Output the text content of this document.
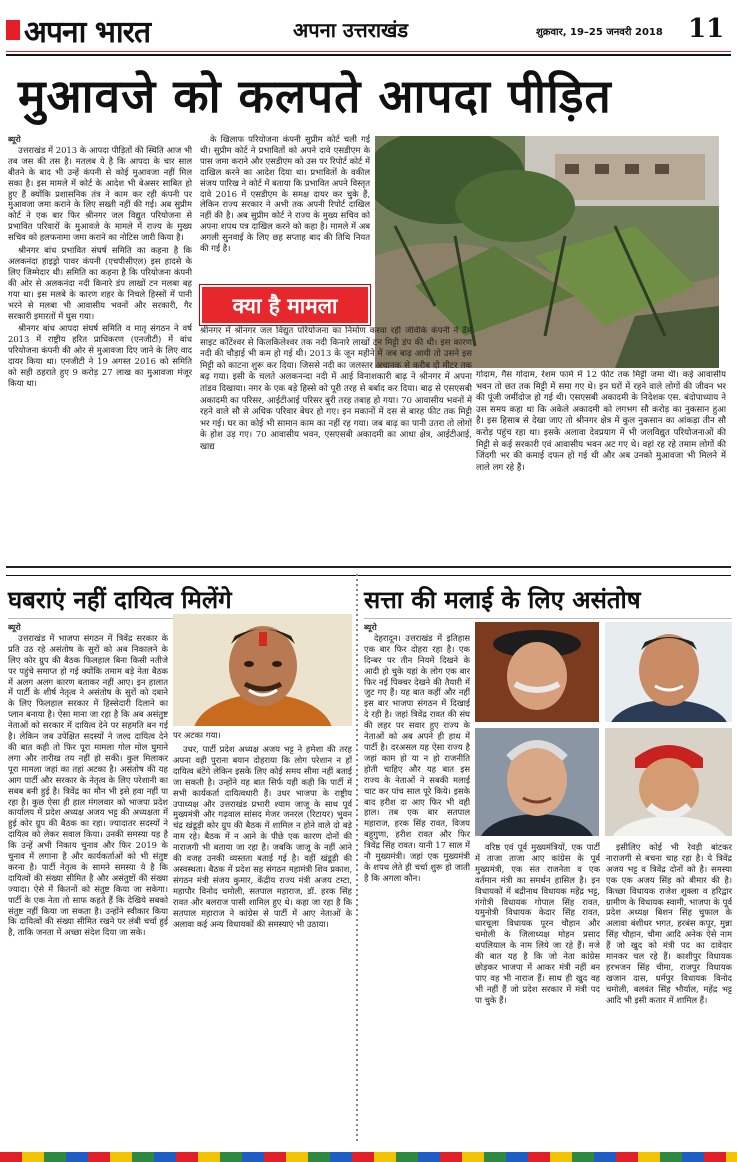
अपना भारत	अपना उत्तराखंड	शुक्रवार, 19–25 जनवरी 2018 11
मुआवजे को कलपते आपदा पीड़ित
ब्यूरो

उत्तराखंड में 2013 के आपदा पीड़ितों की स्थिति आज भी तब जस की तस है। मतलब ये है कि आपदा के चार साल बीतने के बाद भी उन्हें कंपनी से कोई मुआवजा नहीं मिल सका है। इस मामले में कोर्ट के आदेश भी बेअसर साबित हो हुए हैं क्योंकि प्रशासनिक तंत्र ने काम कर रही कंपनी पर मुआवजा जमा कराने के लिए सख्ती नहीं की गई। अब सुप्रीम कोर्ट ने एक बार फिर श्रीनगर जल विद्युत परियोजना से प्रभावित परिवारों के मुआवजे के मामले में राज्य के मुख्य सचिव को हलफनामा जमा कराने का नोटिस जारी किया है।

श्रीनगर बांध प्रभावित संघर्ष समिति का कहना है कि अलकनंदा हाइड्रो पावर कंपनी (एचपीसीएल) इस हादसे के लिए जिम्मेदार थी। समिति का कहना है कि परियोजना कंपनी की ओर से अलकनंदा नदी किनारे डंप लाखों टन मलबा बह गया था। इस मलबे के कारण शहर के निचले हिस्सों में पानी भरने से मलबा भी आवासीय भवनों और सरकारी, गैर सरकारी इमारतों में घुस गया।

श्रीनगर बांध आपदा संघर्ष समिति व मातृ संगठन ने वर्ष 2013 में राष्ट्रीय हरित प्राधिकरण (एनजीटी) में बांध परियोजना कंपनी की ओर से मुआवजा दिए जाने के लिए वाद दायर किया था। एनजीटी ने 19 अगस्त 2016 को समिति को सही ठहराते हुए 9 करोड़ 27 लाख का मुआवजा मंजूर किया था।

के खिलाफ परियोजना कंपनी सुप्रीम कोर्ट चली गई थी। सुप्रीम कोर्ट ने प्रभावितों को अपने दावे एसडीएम के पास जमा कराने और एसडीएम को उस पर रिपोर्ट कोर्ट में दाखिल करने का आदेश दिया था। प्रभावितों के वकील संजय पारिख ने कोर्ट में बताया कि प्रभावित अपने विस्तृत दावे 2016 में एसडीएम के समक्ष दायर कर चुके हैं, लेकिन राज्य सरकार ने अभी तक अपनी रिपोर्ट दाखिल नहीं की है। अब सुप्रीम कोर्ट ने राज्य के मुख्य सचिव को अपना शपथ पत्र दाखिल करने को कहा है। मामले में अब अगली सुनवाई के लिए छह सप्ताह बाद की तिथि नियत की गई है।

क्या है मामला
श्रीनगर में श्रीनगर जल विद्युत परियोजना का निर्माण करवा रही जीवीके कंपनी ने डैम साइट कॉटेंश्वर से किलकिलेश्वर तक नदी किनारे लाखों टन मिट्टी डंप की थी। इस कारण नदी की चौड़ाई भी कम हो गई थी। 2013 के जून महीने में जब बाढ़ आयी तो उसने इस मिट्टी को काटना शुरू कर दिया। जिससे नदी का जलस्तर अचानक से करीब दो मीटर तक बढ़ गया। इसी के चलते अलकनन्दा नदी में आई विनाशकारी बाढ़ ने श्रीनगर में अपना तांडव दिखाया। नगर के एक बड़े हिस्से को पूरी तरह से बर्बाद कर दिया। बाढ़ से एसएसबी अकादमी का परिसर, आईटीआई परिसर बुरी तरह तबाह हो गया। 70 आवासीय भवनों में रहने वाले सौ से अधिक परिवार बेघर हो गए। इन मकानों में दस से बारह फीट तक मिट्टी भर गई। घर का कोई भी सामान काम का नहीं रह गया। जब बाढ़ का पानी उतरा तो लोगों के होश उड़ गए। 70 आवासीय भवन, एसएसबी अकादमी का आधा क्षेत्र, आईटीआई, खाद्य

गोदाम, गैस गोदाम, रेशम फार्म में 12 फीट तक मिट्टी जमा थी। कई आवासीय भवन तो छत तक मिट्टी में समा गए थे। इन घरों में रहने वाले लोगों की जीवन भर की पूंजी जमींदोज हो गई थी। एसएसबी अकादमी के निदेशक एस. बंदोपाध्याय ने उस समय कहा था कि अकेले अकादमी को लगभग सौ करोड़ का नुकसान हुआ है। इस हिसाब से देखा जाए तो श्रीनगर क्षेत्र में कुल नुकसान का आंकड़ा तीन सौ करोड़ पहुंच रहा था। इसके अलावा देवप्रयाग में भी जलविद्युत परियोजनाओं की मिट्टी से कई सरकारी एवं आवासीय भवन अट गए थे। वहां रह रहे तमाम लोगों की जिंदगी भर की कमाई दफन हो गई थी और अब उनको मुआवजा भी मिलने में लाले लग रहे हैं।

घबराएं नहीं दायित्व मिलेंगे
ब्यूरो

उत्तराखंड में भाजपा संगठन में त्रिवेंद्र सरकार के प्रति उठ रहे असंतोष के सुरों को अब निकालने के लिए कोर ग्रुप की बैठक फिलहाल बिना किसी नतीजे पर पहुंचे समाप्त हो गई क्योंकि तमाम बड़े नेता बैठक में अलग अलग कारण बताकर नहीं आए। इन हालात में पार्टी के शीर्ष नेतृत्व ने असंतोष के सुरों को दबाने के लिए फिलहाल सरकार में हिस्सेदारी दिलाने का प्लान बनाया है। ऐसा माना जा रहा है कि अब असंतुष्ट नेताओं को सरकार में दायित्व देने पर सहमति बन गई है। लेकिन जब उपेक्षित सदस्यों ने जल्द दायित्व देने की बात कही तो फिर पूरा मामला गोल मोल घुमाने लगा और तारीख तय नहीं हो सकी। कुल मिलाकर पूरा मामला जहां का तहां अटका है। असंतोष की यह आग पार्टी और सरकार के नेतृत्व के लिए परेशानी का सबब बनी हुई है। त्रिवेंद्र का मौन भी इसे हवा नहीं पा रहा है। कुछ ऐसा ही हाल मंगलवार को भाजपा प्रदेश कार्यालय में प्रदेश अध्यक्ष अजय भट्ट की अध्यक्षता में हुई कोर ग्रुप की बैठक का रहा। ज्यादातर सदस्यों ने दायित्व को लेकर सवाल किया। उनकी समस्या यह है कि उन्हें अभी निकाय चुनाव और फिर 2019 के चुनाव में लगाना है और कार्यकर्ताओं को भी संतुष्ट करना है। पार्टी नेतृत्व के सामने समस्या ये है कि दायित्वों की संख्या सीमित है और असंतुष्टों की संख्या ज्यादा। ऐसे में कितनों को संतुष्ट किया जा सकेगा। पार्टी के एक नेता तो साफ कहते हैं कि देखिये सबको संतुष्ट नहीं किया जा सकता है। उन्होंने स्वीकार किया कि दायित्वों की संख्या सीमित रखने पर लंबी चर्चा हुई है, ताकि जनता में अच्छा संदेश दिया जा सके।

पर अटका गया।

उधर, पार्टी प्रदेश अध्यक्ष अजय भट्ट ने हमेशा की तरह अपना वही पुराना बयान दोहराया कि लोग परेशान न हों दायित्व बंटेंगे लेकिन इसके लिए कोई समय सीमा नहीं बताई जा सकती है। उन्होंने यह बात सिर्फ यही कही कि पार्टी में सभी कार्यकर्ता दायित्वधारी हैं। उधर भाजपा के राष्ट्रीय उपाध्यक्ष और उत्तराखंड प्रभारी श्याम जाजू के साथ पूर्व मुख्यमंत्री और गढ़वाल सांसद मेजर जनरल (रिटायर) भुवन चंद्र खंडूड़ी कोर ग्रुप की बैठक में शामिल न होने वाले दो बड़े नाम रहे। बैठक में न आने के पीछे एक कारण दोनों की नाराजगी भी बताया जा रहा है। जबकि जाजू के नहीं आने की वजह उनकी व्यस्तता बताई गई है। वहीं खंडूड़ी की अस्वस्थता। बैठक में प्रदेश सह संगठन महामंत्री शिव प्रकाश, संगठन मंत्री संजय कुमार, केंद्रीय राज्य मंत्री अजय टम्टा, महापौर विनोद चमोली, सतपाल महाराज, डॉ. हरक सिंह रावत और बलराज पासी शामिल हुए थे। कहा जा रहा है कि सतपाल महाराज ने कांग्रेस से पार्टी में आए नेताओं के अलावा कई अन्य विधायकों की समस्याएं भी उठाया।

सत्ता की मलाई के लिए असंतोष
ब्यूरो

देहरादून। उत्तराखंड में इतिहास एक बार फिर दोहरा रहा है। एक दिन्बर पर तीन नियमें दिखने के आदी हो चुके यहां के लोग एक बार फिर नई पिक्चर देखने की तैयारी में जुट गए हैं। यह बात कहीं और नहीं इस बार भाजपा संगठन में दिखाई दे रही है। जहां त्रिवेंद्र रावत की संघ की लहर पर सवार हुए राज्य के नेताओं को अब अपने ही हाथ में पार्टी है। दरअसल यह ऐसा राज्य है जहां काम हो या न हो राजनीति होती चाहिए और यह बात इस राज्य के नेताओं ने सबकी मलाई चाट कर पांच साल पूरे किये। इसके बाद हरीश दा आए फिर भी वही हाल। तब एक बार सतपाल महाराज, हरक सिंह रावत, विजय बहुगुणा, हरीश रावत और फिर त्रिवेंद्र सिंह रावत। यानी 17 साल में नौ मुख्यमंत्री। जहां एक मुख्यमंत्री के शपथ लेते ही चर्चा शुरू हो जाती है कि अगला कौन।

वरिष्ठ एवं पूर्व मुख्यमंत्रियों, एक पार्टी में ताजा ताजा आए कांग्रेस के पूर्व मुख्यमंत्री, एक संत राजनेता व एक वर्तमान मंत्री का समर्थन हासिल है। इन विधायकों में बद्रीनाथ विधायक महेंद्र भट्ट, गंगोत्री विधायक गोपाल सिंह रावत, यमुनोत्री विधायक केदार सिंह रावत, धारचूला विधायक पूरन चौहान और चमोली के जिलाध्यक्ष मोहन प्रसाद थपलियाल के नाम लिये जा रहे हैं। मजे की बात यह है कि जो नेता कांग्रेस छोड़कर भाजपा में आकर मंत्री नहीं बन पाए वह भी नाराज हैं। साथ ही खुद वह भी नहीं हैं जो प्रदेश सरकार में मंत्री पद पा चुके हैं।

इसीलिए कोई भी रेवड़ी बांटकर नाराजगी से बचना चाह रहा है। ये त्रिवेंद्र अजय भट्ट व त्रिवेंद्र दोनों को है। समस्या एक एक अजय सिंह को बीमार की है। किच्छा विधायक राजेश शुक्ला व हरिद्वार ग्रामीण के विधायक स्वामी, भाजपा के पूर्व प्रदेश अध्यक्ष बिशन सिंह चुफाल के अलावा बंशीधर भगत, हरबंस कपूर, मुन्ना सिंह चौहान, चौमा आदि अनेक ऐसे नाम हैं जो खुद को मंत्री पद का दावेदार मानकर चल रहे हैं। काशीपुर विधायक हरभजन सिंह चीमा, राजपुर विधायक खजान दास, धर्मपुर विधायक विनोद चमोली, बलवंत सिंह भौर्याल, महेंद्र भट्ट आदि भी इसी कतार में शामिल हैं।
